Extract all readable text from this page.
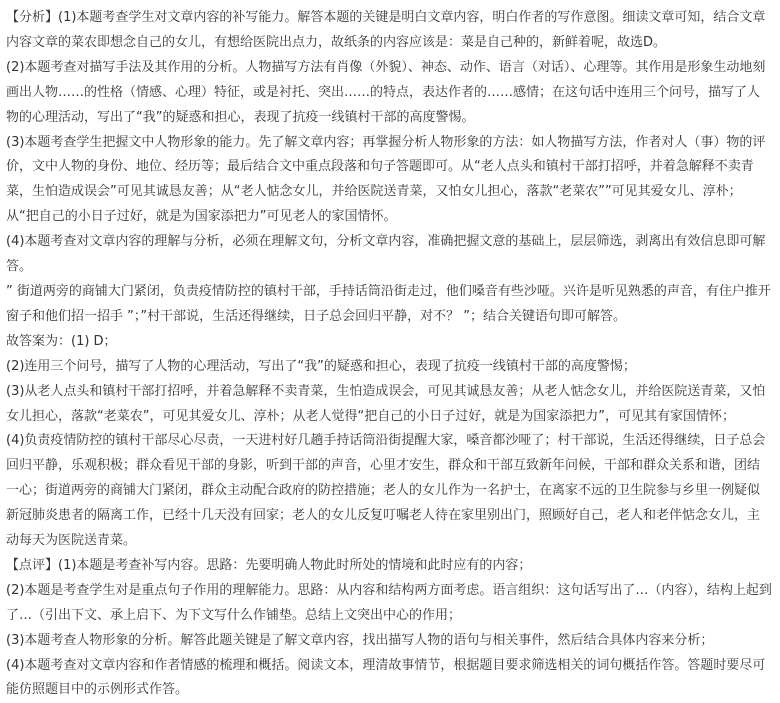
【分析】(1)本题考查学生对文章内容的补写能力。解答本题的关键是明白文章内容，明白作者的写作意图。细读文章可知，结合文章内容文章的菜农即想念自己的女儿，有想给医院出点力，故纸条的内容应该是：菜是自己种的，新鲜着呢，故选D。

(2)本题考查对描写手法及其作用的分析。人物描写方法有肖像（外貌）、神态、动作、语言（对话）、心理等。其作用是形象生动地刻画出人物……的性格（情感、心理）特征，或是衬托、突出……的特点，表达作者的……感情；在这句话中连用三个问号，描写了人物的心理活动，写出了“我”的疑惑和担心，表现了抗疫一线镇村干部的高度警惕。

(3)本题考查学生把握文中人物形象的能力。先了解文章内容；再掌握分析人物形象的方法：如人物描写方法，作者对人（事）物的评价，文中人物的身份、地位、经历等；最后结合文中重点段落和句子答题即可。从“老人点头和镇村干部打招呼，并着急解释不卖青菜，生怕造成误会”可见其诚恳友善；从“老人惦念女儿，并给医院送青菜，又怕女儿担心，落款“老菜农””可见其爱女儿、淳朴；从“把自己的小日子过好，就是为国家添把力”可见老人的家国情怀。

(4)本题考查对文章内容的理解与分析，必须在理解文句，分析文章内容，准确把握文意的基础上，层层筛选，剥离出有效信息即可解答。

” 街道两旁的商铺大门紧闭，负责疫情防控的镇村干部，手持话筒沿街走过，他们嗓音有些沙哑。兴许是听见熟悉的声音，有住户推开窗子和他们招一招手 ”；”村干部说，生活还得继续，日子总会回归平静，对不？ ”；结合关键语句即可解答。

故答案为：(1) D；

(2)连用三个问号，描写了人物的心理活动，写出了“我”的疑惑和担心，表现了抗疫一线镇村干部的高度警惕；

(3)从老人点头和镇村干部打招呼，并着急解释不卖青菜，生怕造成误会，可见其诚恳友善；从老人惦念女儿，并给医院送青菜，又怕女儿担心，落款“老菜农”，可见其爱女儿、淳朴；从老人觉得“把自己的小日子过好，就是为国家添把力”，可见其有家国情怀；

(4)负责疫情防控的镇村干部尽心尽责，一天进村好几趟手持话筒沿街提醒大家，嗓音都沙哑了；村干部说，生活还得继续，日子总会回归平静，乐观积极；群众看见干部的身影，听到干部的声音，心里才安生，群众和干部互致新年问候，干部和群众关系和谐，团结一心；街道两旁的商铺大门紧闭，群众主动配合政府的防控措施；老人的女儿作为一名护士，在离家不远的卫生院参与乡里一例疑似新冠肺炎患者的隔离工作，已经十几天没有回家；老人的女儿反复叮嘱老人待在家里别出门，照顾好自己，老人和老伴惦念女儿，主动每天为医院送青菜。

【点评】(1)本题是考查补写内容。思路：先要明确人物此时所处的情境和此时应有的内容；

(2)本题是考查学生对是重点句子作用的理解能力。思路：从内容和结构两方面考虑。语言组织：这句话写出了…（内容），结构上起到了…（引出下文、承上启下、为下文写什么作铺垫。总结上文突出中心的作用；

(3)本题考查人物形象的分析。解答此题关键是了解文章内容，找出描写人物的语句与相关事件，然后结合具体内容来分析；

(4)本题考查对文章内容和作者情感的梳理和概括。阅读文本，理清故事情节，根据题目要求筛选相关的词句概括作答。答题时要尽可能仿照题目中的示例形式作答。
